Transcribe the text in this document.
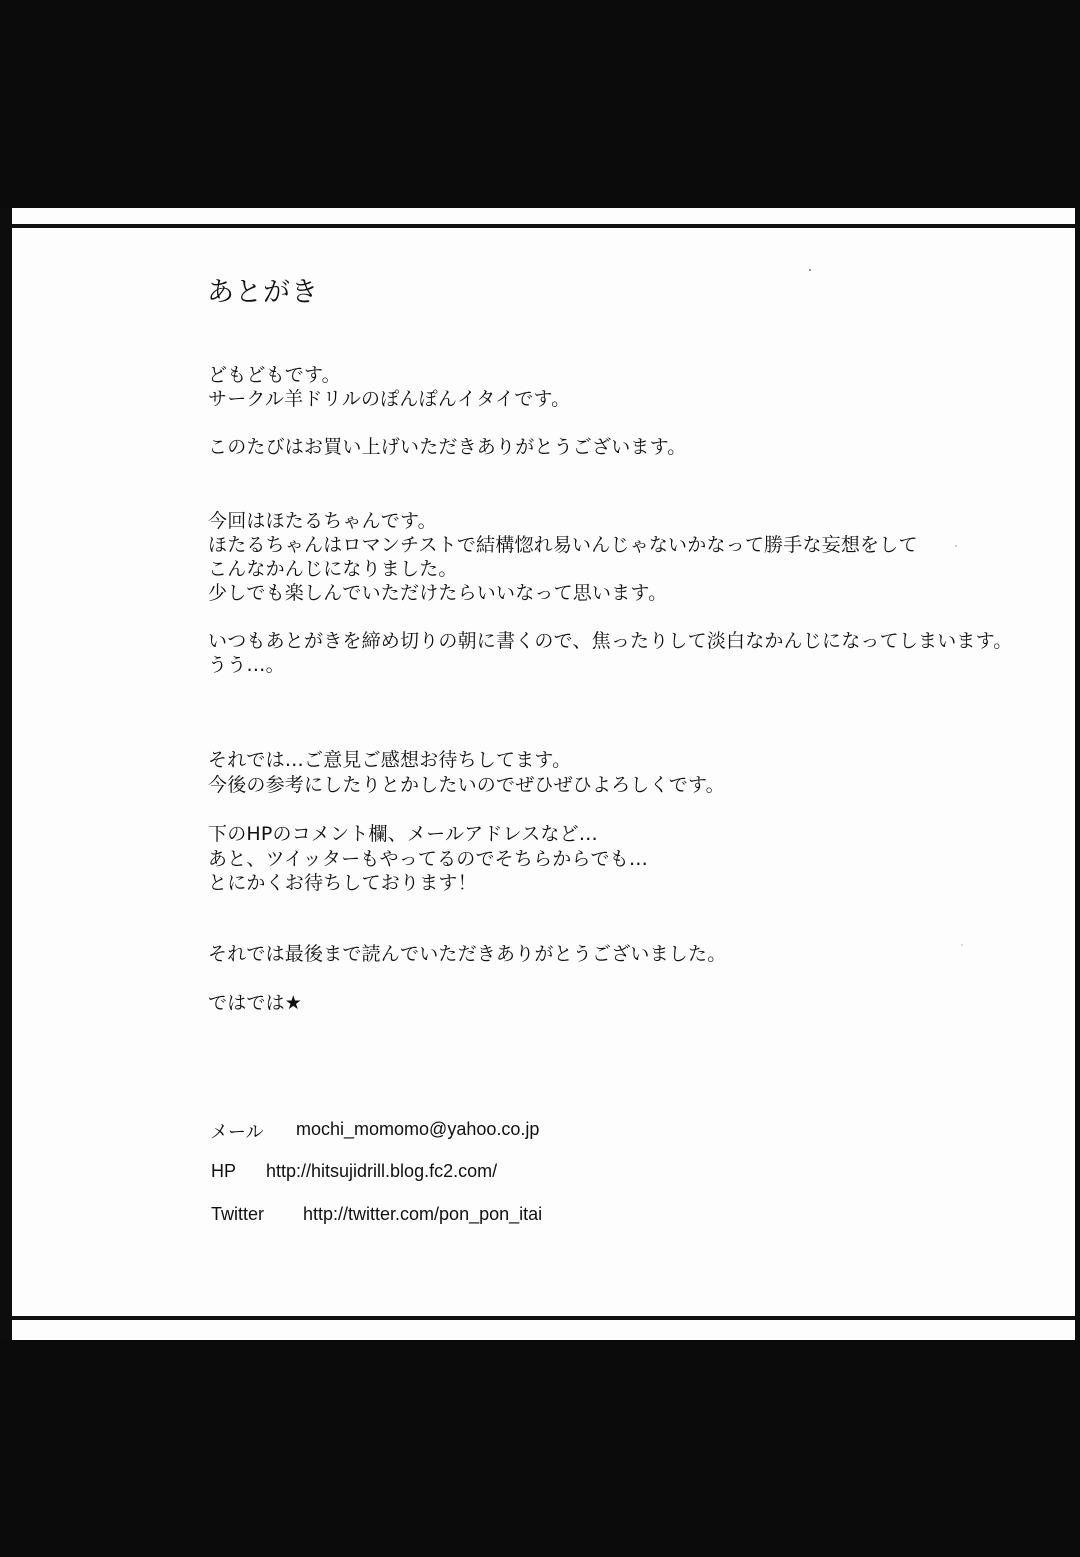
あとがき
どもどもです。
サークル羊ドリルのぽんぽんイタイです。
このたびはお買い上げいただきありがとうございます。
今回はほたるちゃんです。
ほたるちゃんはロマンチストで結構惚れ易いんじゃないかなって勝手な妄想をして
こんなかんじになりました。
少しでも楽しんでいただけたらいいなって思います。
いつもあとがきを締め切りの朝に書くので、焦ったりして淡白なかんじになってしまいます。
うう…。
それでは…ご意見ご感想お待ちしてます。
今後の参考にしたりとかしたいのでぜひぜひよろしくです。
下のHPのコメント欄、メールアドレスなど…
あと、ツイッターもやってるのでそちらからでも…
とにかくお待ちしております！
それでは最後まで読んでいただきありがとうございました。
ではでは★
メール mochi_momomo@yahoo.co.jp
HP http://hitsujidrill.blog.fc2.com/
Twitter http://twitter.com/pon_pon_itai
